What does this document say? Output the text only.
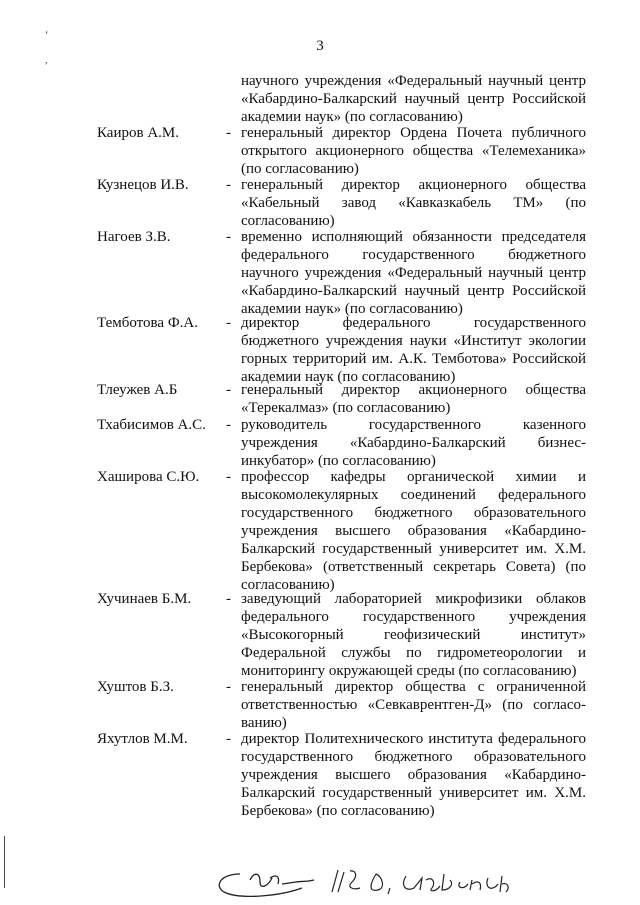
3
‘
,
научного учреждения «Федеральный научный центр «Кабардино-Балкарский научный центр Российской академии наук» (по согласованию)
Каиров А.М.	- генеральный директор Ордена Почета публичного открытого акционерного общества «Телемеханика» (по согласованию)
Кузнецов И.В.	- генеральный директор акционерного общества «Кабельный завод «Кавказкабель ТМ» (по согласованию)
Нагоев З.В.	- временно исполняющий обязанности председателя федерального государственного бюджетного научного учреждения «Федеральный научный центр «Кабардино-Балкарский научный центр Российской академии наук» (по согласованию)
Темботова Ф.А.	- директор федерального государственного бюджетного учреждения науки «Институт экологии горных территорий им. А.К. Темботова» Российской академии наук (по согласованию)
Тлеужев А.Б	- генеральный директор акционерного общества «Терекалмаз» (по согласованию)
Тхабисимов А.С.	- руководитель государственного казенного учреждения «Кабардино-Балкарский бизнес-инкубатор» (по согласованию)
Хаширова С.Ю.	- профессор кафедры органической химии и высокомолекулярных соединений федерального государственного бюджетного образовательного учреждения высшего образования «Кабардино-Балкарский государственный университет им. Х.М. Бербекова» (ответственный секретарь Совета) (по согласованию)
Хучинаев Б.М.	- заведующий лабораторией микрофизики облаков федерального государственного учреждения «Высокогорный геофизический институт» Федеральной службы по гидрометеорологии и мониторингу окружающей среды (по согласованию)
Хуштов Б.З.	- генеральный директор общества с ограниченной ответственностью «Севкаврентген-Д» (по согласо-ванию)
Яхутлов М.М.	- директор Политехнического института федерального государственного бюджетного образовательного учреждения высшего образования «Кабардино-Балкарский государственный университет им. Х.М. Бербекова» (по согласованию)
